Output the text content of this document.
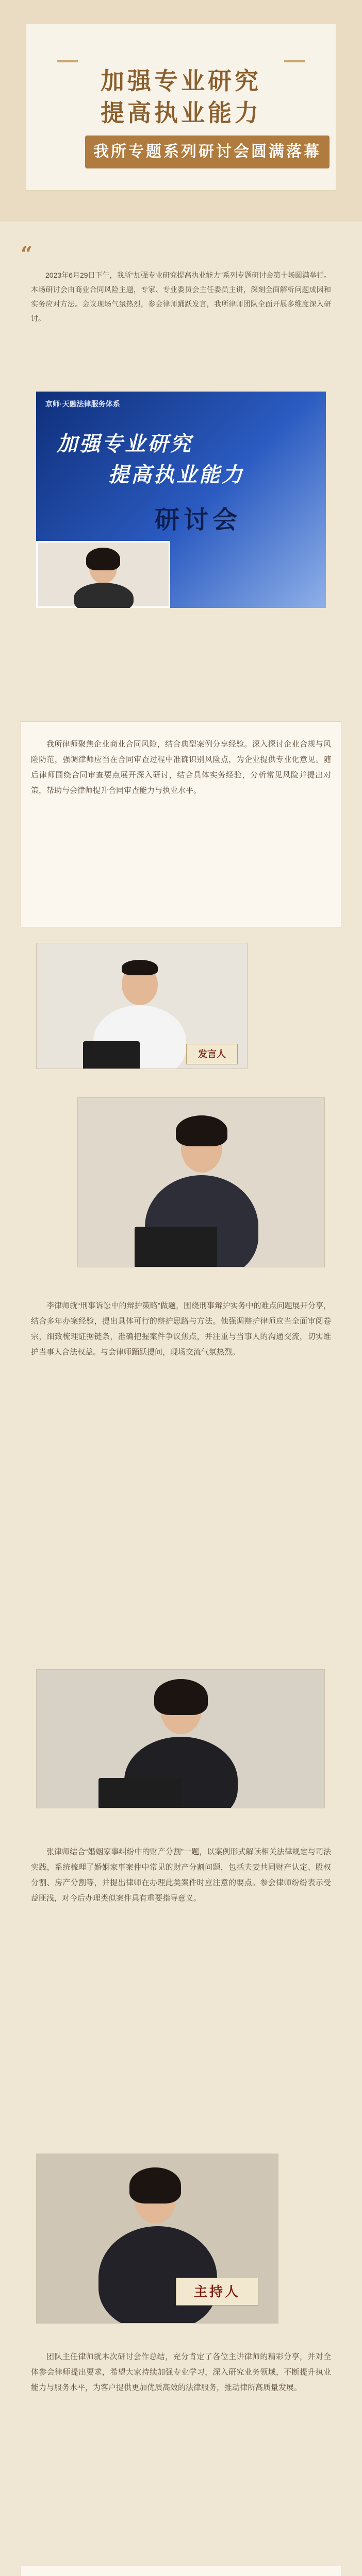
加强专业研究
提高执业能力
我所专题系列研讨会圆满落幕
“
2023年6月29日下午，我所“加强专业研究提高执业能力”系列专题研讨会第十场圆满举行。本场研讨会由商业合同风险主题，专家、专业委员会主任委员主讲，深刻全面解析问题成因和实务应对方法。会议现场气氛热烈，参会律师踊跃发言，我所律师团队全面开展多维度深入研讨。
京师·天融法律服务体系
加强专业研究
提高执业能力
研讨会
我所律师聚焦企业商业合同风险，结合典型案例分享经验。深入探讨企业合规与风险防范，强调律师应当在合同审查过程中准确识别风险点，为企业提供专业化意见。随后律师围绕合同审查要点展开深入研讨，结合具体实务经验，分析常见风险并提出对策，帮助与会律师提升合同审查能力与执业水平。
发言人
李律师就“刑事诉讼中的辩护策略”做题，围绕刑事辩护实务中的难点问题展开分享，结合多年办案经验，提出具体可行的辩护思路与方法。他强调辩护律师应当全面审阅卷宗，细致梳理证据链条，准确把握案件争议焦点，并注重与当事人的沟通交流，切实维护当事人合法权益。与会律师踊跃提问，现场交流气氛热烈。
张律师结合“婚姻家事纠纷中的财产分割”一题，以案例形式解读相关法律规定与司法实践，系统梳理了婚姻家事案件中常见的财产分割问题，包括夫妻共同财产认定、股权分割、房产分割等，并提出律师在办理此类案件时应注意的要点。参会律师纷纷表示受益匪浅，对今后办理类似案件具有重要指导意义。
主持人
团队主任律师就本次研讨会作总结，充分肯定了各位主讲律师的精彩分享，并对全体参会律师提出要求，希望大家持续加强专业学习，深入研究业务领域，不断提升执业能力与服务水平，为客户提供更加优质高效的法律服务，推动律所高质量发展。
